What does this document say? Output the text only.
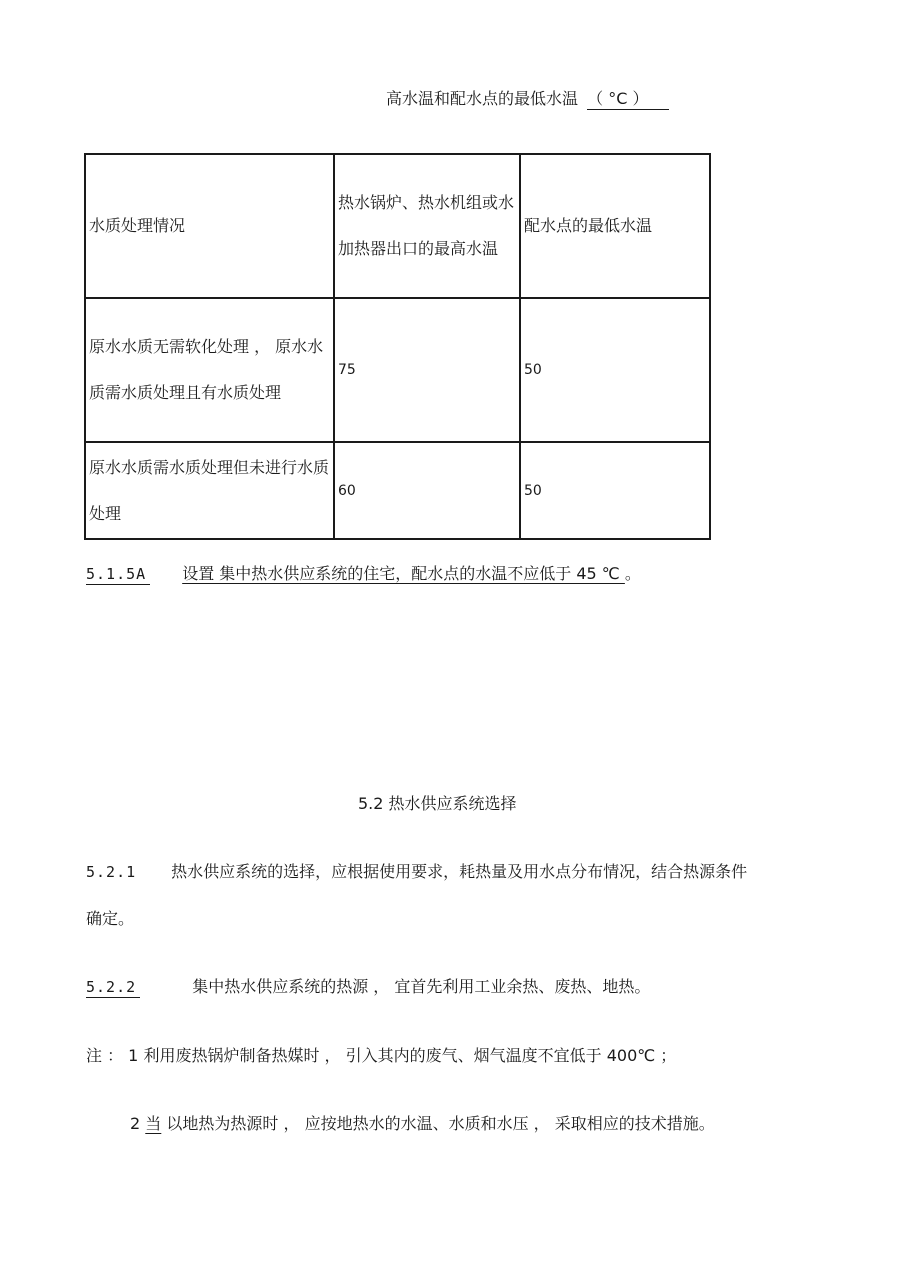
高水温和配水点的最低水温 （ °C ）
水质处理情况	热水锅炉、热水机组或水加热器出口的最高水温	配水点的最低水温
原水水质无需软化处理 ， 原水水质需水质处理且有水质处理	75	50
原水水质需水质处理但未进行水质处理	60	50
5.1.5A 设置 集中热水供应系统的住宅，配水点的水温不应低于 45 ℃ 。
5.2 热水供应系统选择
5.2.1 热水供应系统的选择，应根据使用要求，耗热量及用水点分布情况，结合热源条件
确定。
5.2.2	集中热水供应系统的热源 ， 宜首先利用工业余热、废热、地热。
注 ： 1 利用废热锅炉制备热媒时 ， 引入其内的废气、烟气温度不宜低于 400℃ ；
2 当 以地热为热源时 ， 应按地热水的水温、水质和水压 ， 采取相应的技术措施。
